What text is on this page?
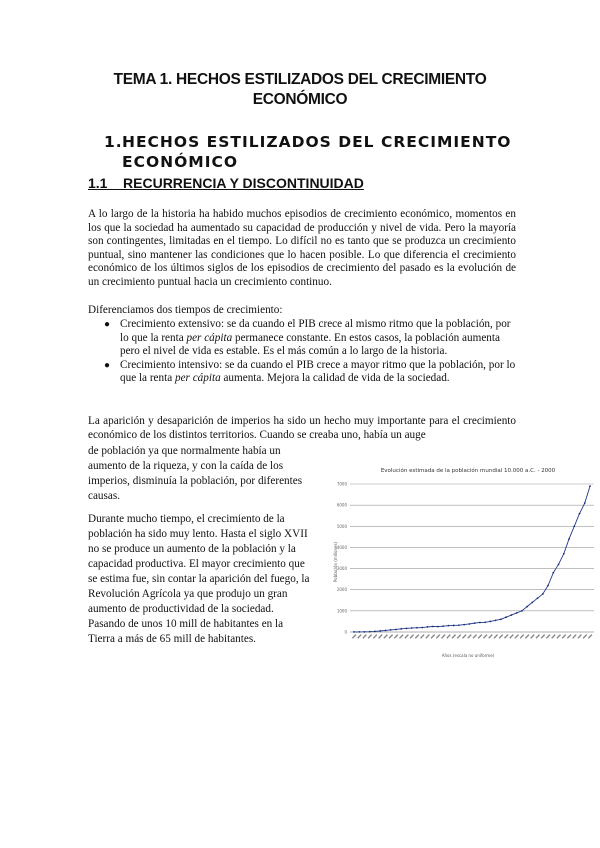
TEMA 1. HECHOS ESTILIZADOS DEL CRECIMIENTO
ECONÓMICO
1.HECHOS ESTILIZADOS DEL CRECIMIENTO
ECONÓMICO
1.1    RECURRENCIA Y DISCONTINUIDAD
A lo largo de la historia ha habido muchos episodios de crecimiento económico, momentos en los que la sociedad ha aumentado su capacidad de producción y nivel de vida. Pero la mayoría son contingentes, limitadas en el tiempo. Lo difícil no es tanto que se produzca un crecimiento puntual, sino mantener las condiciones que lo hacen posible. Lo que diferencia el crecimiento económico de los últimos siglos de los episodios de crecimiento del pasado es la evolución de un crecimiento puntual hacia un crecimiento continuo.
Diferenciamos dos tiempos de crecimiento:
● Crecimiento extensivo: se da cuando el PIB crece al mismo ritmo que la población, por lo que la renta per cápita permanece constante. En estos casos, la población aumenta pero el nivel de vida es estable. Es el más común a lo largo de la historia.
● Crecimiento intensivo: se da cuando el PIB crece a mayor ritmo que la población, por lo que la renta per cápita aumenta. Mejora la calidad de vida de la sociedad.
La aparición y desaparición de imperios ha sido un hecho muy importante para el crecimiento económico de los distintos territorios. Cuando se creaba uno, había un auge
de población ya que normalmente había un aumento de la riqueza, y con la caída de los imperios, disminuía la población, por diferentes causas.
Durante mucho tiempo, el crecimiento de la población ha sido muy lento. Hasta el siglo XVII no se produce un aumento de la población y la capacidad productiva. El mayor crecimiento que se estima fue, sin contar la aparición del fuego, la Revolución Agrícola ya que produjo un gran aumento de productividad de la sociedad. Pasando de unos 10 mill de habitantes en la Tierra a más de 65 mill de habitantes.
Evolución estimada de la población mundial 10.000 a.C. - 2000
0
1000
2000
3000
4000
5000
6000
7000
Población (millones)
Años (escala no uniforme)
